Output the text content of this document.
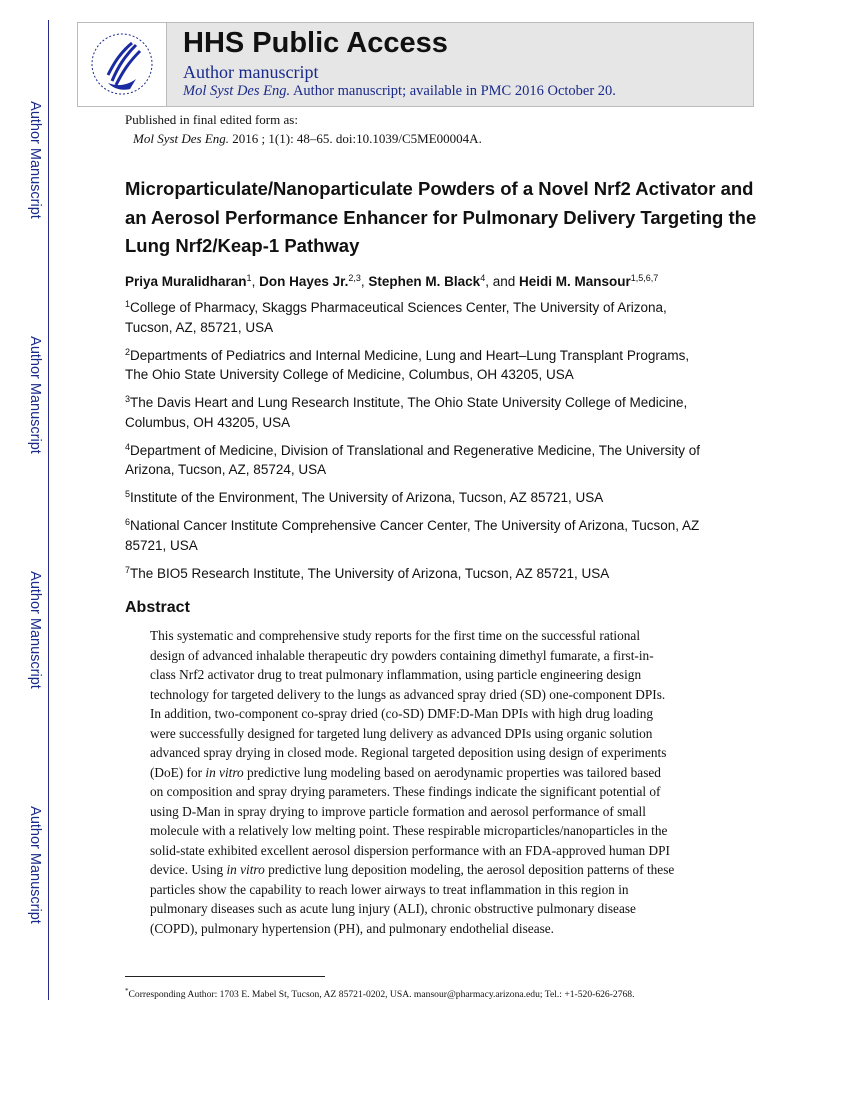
Author Manuscript
Author Manuscript
Author Manuscript
Author Manuscript
HHS Public Access
Author manuscript
Mol Syst Des Eng. Author manuscript; available in PMC 2016 October 20.
Published in final edited form as:
Mol Syst Des Eng. 2016 ; 1(1): 48–65. doi:10.1039/C5ME00004A.
Microparticulate/Nanoparticulate Powders of a Novel Nrf2 Activator and an Aerosol Performance Enhancer for Pulmonary Delivery Targeting the Lung Nrf2/Keap-1 Pathway
Priya Muralidharan$^1$, Don Hayes Jr.$^{2,3}$, Stephen M. Black$^4$, and Heidi M. Mansour$^{1,5,6,7}$
$^1$College of Pharmacy, Skaggs Pharmaceutical Sciences Center, The University of Arizona,
Tucson, AZ, 85721, USA
$^2$Departments of Pediatrics and Internal Medicine, Lung and Heart–Lung Transplant Programs,
The Ohio State University College of Medicine, Columbus, OH 43205, USA
$^3$The Davis Heart and Lung Research Institute, The Ohio State University College of Medicine,
Columbus, OH 43205, USA
$^4$Department of Medicine, Division of Translational and Regenerative Medicine, The University of
Arizona, Tucson, AZ, 85724, USA
$^5$Institute of the Environment, The University of Arizona, Tucson, AZ 85721, USA
$^6$National Cancer Institute Comprehensive Cancer Center, The University of Arizona, Tucson, AZ
85721, USA
$^7$The BIO5 Research Institute, The University of Arizona, Tucson, AZ 85721, USA
Abstract
This systematic and comprehensive study reports for the first time on the successful rational
design of advanced inhalable therapeutic dry powders containing dimethyl fumarate, a first-in-
class Nrf2 activator drug to treat pulmonary inflammation, using particle engineering design
technology for targeted delivery to the lungs as advanced spray dried (SD) one-component DPIs.
In addition, two-component co-spray dried (co-SD) DMF:D-Man DPIs with high drug loading
were successfully designed for targeted lung delivery as advanced DPIs using organic solution
advanced spray drying in closed mode. Regional targeted deposition using design of experiments
(DoE) for in vitro predictive lung modeling based on aerodynamic properties was tailored based
on composition and spray drying parameters. These findings indicate the significant potential of
using D-Man in spray drying to improve particle formation and aerosol performance of small
molecule with a relatively low melting point. These respirable microparticles/nanoparticles in the
solid-state exhibited excellent aerosol dispersion performance with an FDA-approved human DPI
device. Using in vitro predictive lung deposition modeling, the aerosol deposition patterns of these
particles show the capability to reach lower airways to treat inflammation in this region in
pulmonary diseases such as acute lung injury (ALI), chronic obstructive pulmonary disease
(COPD), pulmonary hypertension (PH), and pulmonary endothelial disease.
*Corresponding Author: 1703 E. Mabel St, Tucson, AZ 85721-0202, USA. mansour@pharmacy.arizona.edu; Tel.: +1-520-626-2768.
